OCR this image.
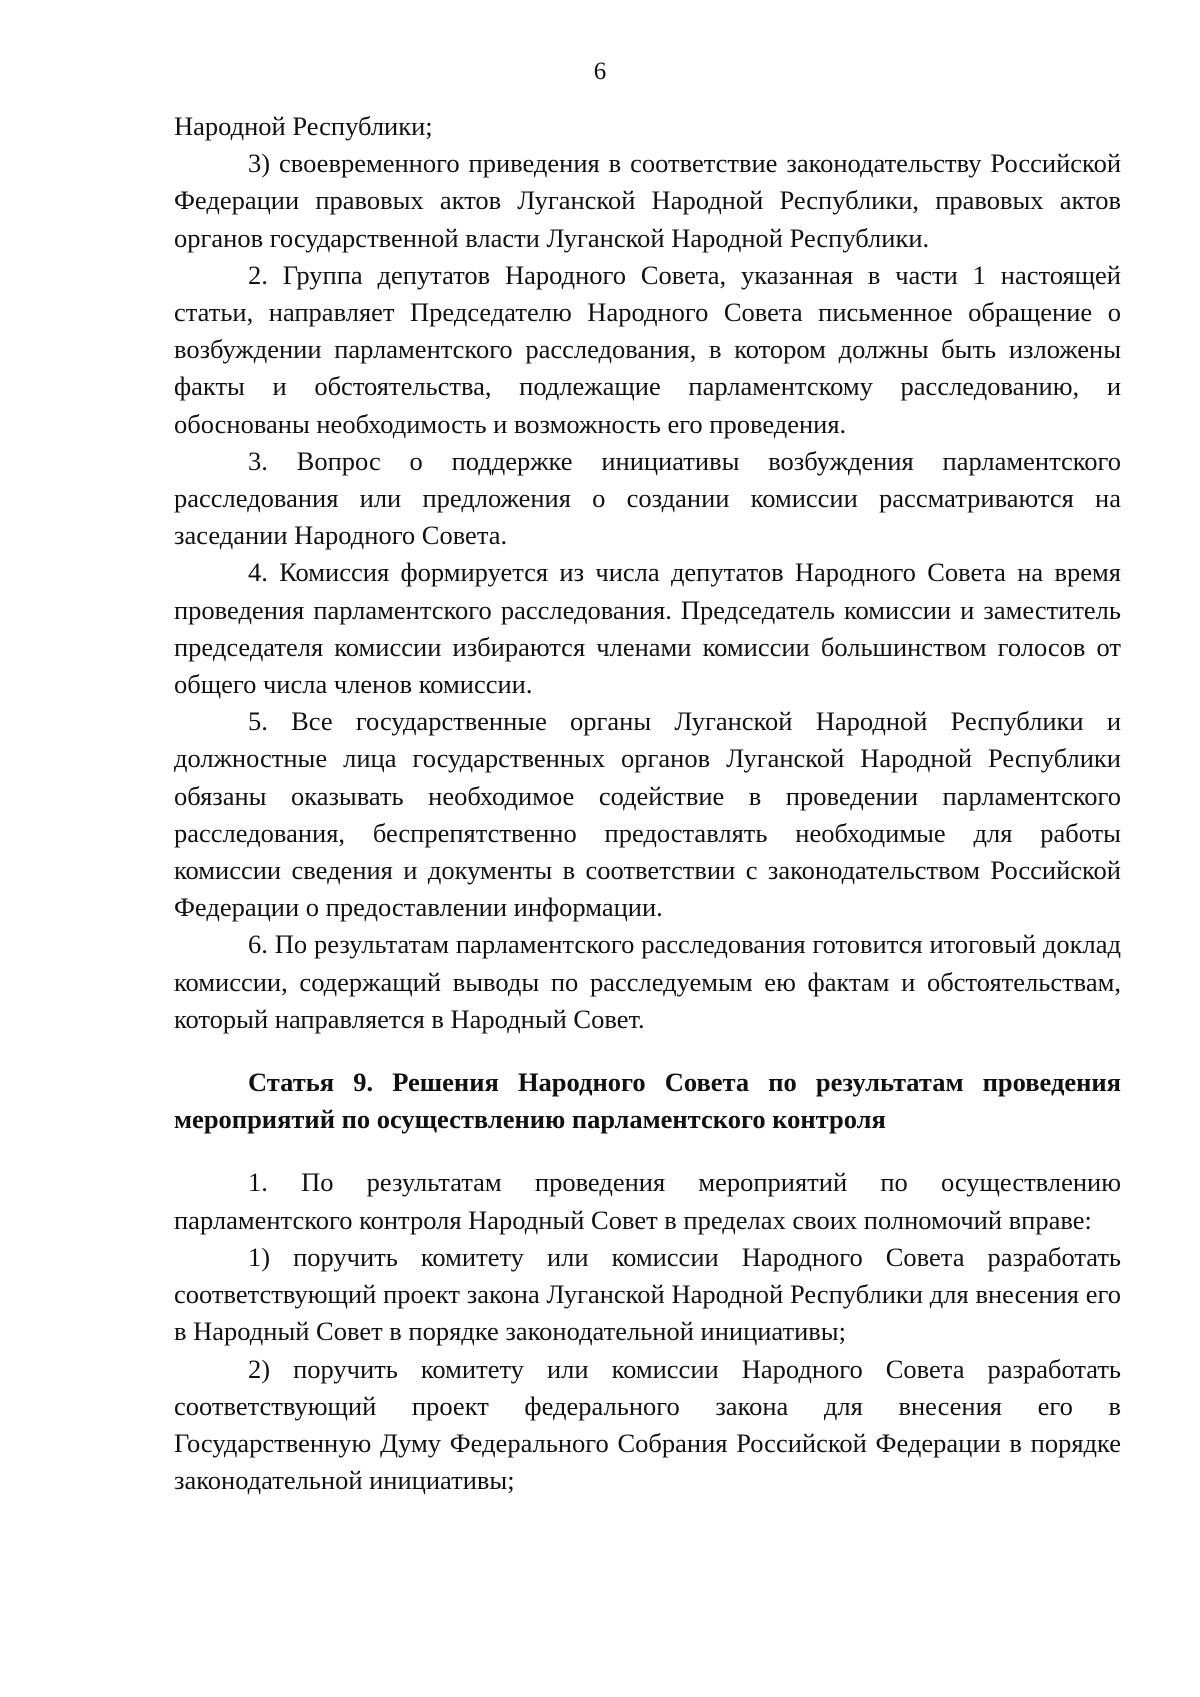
6

Народной Республики;

3) своевременного приведения в соответствие законодательству Российской Федерации правовых актов Луганской Народной Республики, правовых актов органов государственной власти Луганской Народной Республики.

2. Группа депутатов Народного Совета, указанная в части 1 настоящей статьи, направляет Председателю Народного Совета письменное обращение о возбуждении парламентского расследования, в котором должны быть изложены факты и обстоятельства, подлежащие парламентскому расследованию, и обоснованы необходимость и возможность его проведения.

3. Вопрос о поддержке инициативы возбуждения парламентского расследования или предложения о создании комиссии рассматриваются на заседании Народного Совета.

4. Комиссия формируется из числа депутатов Народного Совета на время проведения парламентского расследования. Председатель комиссии и заместитель председателя комиссии избираются членами комиссии большинством голосов от общего числа членов комиссии.

5. Все государственные органы Луганской Народной Республики и должностные лица государственных органов Луганской Народной Республики обязаны оказывать необходимое содействие в проведении парламентского расследования, беспрепятственно предоставлять необходимые для работы комиссии сведения и документы в соответствии с законодательством Российской Федерации о предоставлении информации.

6. По результатам парламентского расследования готовится итоговый доклад комиссии, содержащий выводы по расследуемым ею фактам и обстоятельствам, который направляется в Народный Совет.

Статья 9. Решения Народного Совета по результатам проведения мероприятий по осуществлению парламентского контроля

1. По результатам проведения мероприятий по осуществлению парламентского контроля Народный Совет в пределах своих полномочий вправе:

1) поручить комитету или комиссии Народного Совета разработать соответствующий проект закона Луганской Народной Республики для внесения его в Народный Совет в порядке законодательной инициативы;

2) поручить комитету или комиссии Народного Совета разработать соответствующий проект федерального закона для внесения его в Государственную Думу Федерального Собрания Российской Федерации в порядке законодательной инициативы;
